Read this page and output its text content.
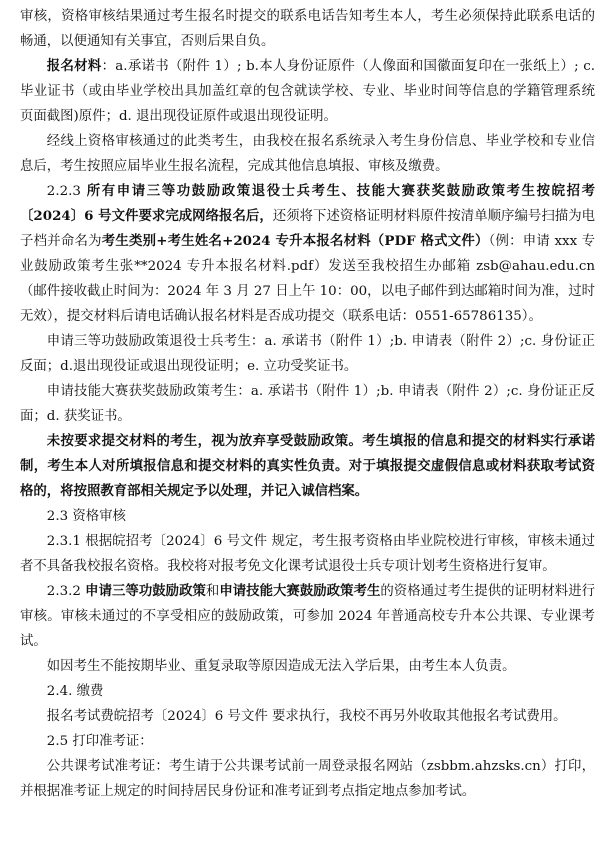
审核，资格审核结果通过考生报名时提交的联系电话告知考生本人，考生必须保持此联系电话的畅通，以便通知有关事宜，否则后果自负。

报名材料：a.承诺书（附件 1）; b.本人身份证原件（人像面和国徽面复印在一张纸上）; c.毕业证书（或由毕业学校出具加盖红章的包含就读学校、专业、毕业时间等信息的学籍管理系统页面截图)原件；d. 退出现役证原件或退出现役证明。

经线上资格审核通过的此类考生，由我校在报名系统录入考生身份信息、毕业学校和专业信息后，考生按照应届毕业生报名流程，完成其他信息填报、审核及缴费。

2.2.3 所有申请三等功鼓励政策退役士兵考生、技能大赛获奖鼓励政策考生按皖招考〔2024〕6 号文件要求完成网络报名后，还须将下述资格证明材料原件按清单顺序编号扫描为电子档并命名为考生类别+考生姓名+2024 专升本报名材料（PDF 格式文件）（例：申请 xxx 专业鼓励政策考生张**2024 专升本报名材料.pdf）发送至我校招生办邮箱 zsb@ahau.edu.cn（邮件接收截止时间为：2024 年 3 月 27 日上午 10：00，以电子邮件到达邮箱时间为准，过时无效），提交材料后请电话确认报名材料是否成功提交（联系电话：0551-65786135）。

申请三等功鼓励政策退役士兵考生：a. 承诺书（附件 1）;b. 申请表（附件 2）;c. 身份证正反面；d.退出现役证或退出现役证明；e. 立功受奖证书。

申请技能大赛获奖鼓励政策考生：a. 承诺书（附件 1）;b. 申请表（附件 2）;c. 身份证正反面；d. 获奖证书。

未按要求提交材料的考生，视为放弃享受鼓励政策。考生填报的信息和提交的材料实行承诺制，考生本人对所填报信息和提交材料的真实性负责。对于填报提交虚假信息或材料获取考试资格的，将按照教育部相关规定予以处理，并记入诚信档案。

2.3 资格审核

2.3.1 根据皖招考〔2024〕6 号文件 规定，考生报考资格由毕业院校进行审核，审核未通过者不具备我校报名资格。我校将对报考免文化课考试退役士兵专项计划考生资格进行复审。

2.3.2 申请三等功鼓励政策和申请技能大赛鼓励政策考生的资格通过考生提供的证明材料进行审核。审核未通过的不享受相应的鼓励政策，可参加 2024 年普通高校专升本公共课、专业课考试。

如因考生不能按期毕业、重复录取等原因造成无法入学后果，由考生本人负责。

2.4. 缴费

报名考试费皖招考〔2024〕6 号文件 要求执行，我校不再另外收取其他报名考试费用。

2.5 打印准考证：

公共课考试准考证：考生请于公共课考试前一周登录报名网站（zsbbm.ahzsks.cn）打印，并根据准考证上规定的时间持居民身份证和准考证到考点指定地点参加考试。
